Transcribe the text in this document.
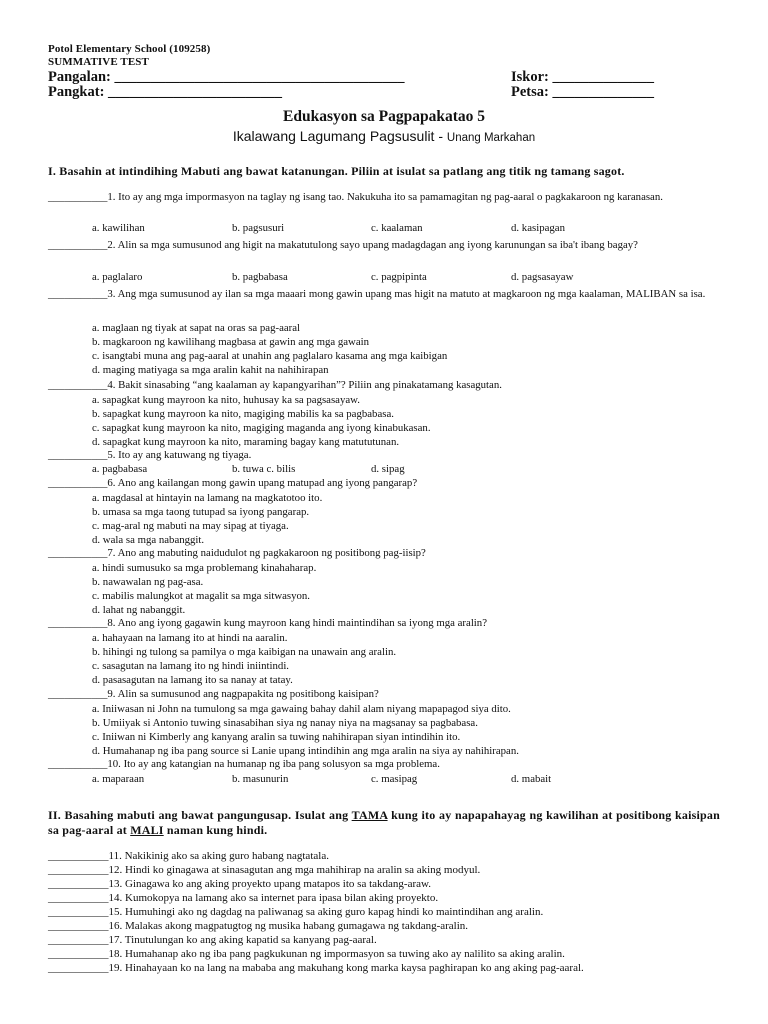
Potol Elementary School (109258)
SUMMATIVE TEST
Pangalan: ________________________________________	Iskor: ______________
Pangkat: ________________________	Petsa: ______________
Edukasyon sa Pagpapakatao 5
Ikalawang Lagumang Pagsusulit - Unang Markahan
I. Basahin at intindihing Mabuti ang bawat katanungan. Piliin at isulat sa patlang ang titik ng tamang sagot.
___________1. Ito ay ang mga impormasyon na taglay ng isang tao. Nakukuha ito sa pamamagitan ng pag-aaral o pagkakaroon ng karanasan.
a. kawilihan	b. pagsusuri	c. kaalaman	d. kasipagan
___________2. Alin sa mga sumusunod ang higit na makatutulong sayo upang madagdagan ang iyong karunungan sa iba't ibang bagay?
a. paglalaro	b. pagbabasa	c. pagpipinta	d. pagsasayaw
___________3. Ang mga sumusunod ay ilan sa mga maaari mong gawin upang mas higit na matuto at magkaroon ng mga kaalaman, MALIBAN sa isa.
a. maglaan ng tiyak at sapat na oras sa pag-aaral
b. magkaroon ng kawilihang magbasa at gawin ang mga gawain
c. isangtabi muna ang pag-aaral at unahin ang paglalaro kasama ang mga kaibigan
d. maging matiyaga sa mga aralin kahit na nahihirapan
___________4. Bakit sinasabing “ang kaalaman ay kapangyarihan”? Piliin ang pinakatamang kasagutan.
a. sapagkat kung mayroon ka nito, huhusay ka sa pagsasayaw.
b. sapagkat kung mayroon ka nito, magiging mabilis ka sa pagbabasa.
c. sapagkat kung mayroon ka nito, magiging maganda ang iyong kinabukasan.
d. sapagkat kung mayroon ka nito, maraming bagay kang matututunan.
___________5. Ito ay ang katuwang ng tiyaga.
a. pagbabasa	b. tuwa c. bilis	d. sipag
___________6. Ano ang kailangan mong gawin upang matupad ang iyong pangarap?
a. magdasal at hintayin na lamang na magkatotoo ito.
b. umasa sa mga taong tutupad sa iyong pangarap.
c. mag-aral ng mabuti na may sipag at tiyaga.
d. wala sa mga nabanggit.
___________7. Ano ang mabuting naidudulot ng pagkakaroon ng positibong pag-iisip?
a. hindi sumusuko sa mga problemang kinahaharap.
b. nawawalan ng pag-asa.
c. mabilis malungkot at magalit sa mga sitwasyon.
d. lahat ng nabanggit.
___________8. Ano ang iyong gagawin kung mayroon kang hindi maintindihan sa iyong mga aralin?
a. hahayaan na lamang ito at hindi na aaralin.
b. hihingi ng tulong sa pamilya o mga kaibigan na unawain ang aralin.
c. sasagutan na lamang ito ng hindi iniintindi.
d. pasasagutan na lamang ito sa nanay at tatay.
___________9. Alin sa sumusunod ang nagpapakita ng positibong kaisipan?
a. Iniiwasan ni John na tumulong sa mga gawaing bahay dahil alam niyang mapapagod siya dito.
b. Umiiyak si Antonio tuwing sinasabihan siya ng nanay niya na magsanay sa pagbabasa.
c. Iniiwan ni Kimberly ang kanyang aralin sa tuwing nahihirapan siyan intindihin ito.
d. Humahanap ng iba pang source si Lanie upang intindihin ang mga aralin na siya ay nahihirapan.
___________10. Ito ay ang katangian na humanap ng iba pang solusyon sa mga problema.
a. maparaan	b. masunurin	c. masipag	d. mabait
II. Basahing mabuti ang bawat pangungusap. Isulat ang TAMA kung ito ay napapahayag ng kawilihan at positibong kaisipan sa pag-aaral at MALI naman kung hindi.
___________11. Nakikinig ako sa aking guro habang nagtatala.
___________12. Hindi ko ginagawa at sinasagutan ang mga mahihirap na aralin sa aking modyul.
___________13. Ginagawa ko ang aking proyekto upang matapos ito sa takdang-araw.
___________14. Kumokopya na lamang ako sa internet para ipasa bilan aking proyekto.
___________15. Humuhingi ako ng dagdag na paliwanag sa aking guro kapag hindi ko maintindihan ang aralin.
___________16. Malakas akong magpatugtog ng musika habang gumagawa ng takdang-aralin.
___________17. Tinutulungan ko ang aking kapatid sa kanyang pag-aaral.
___________18. Humahanap ako ng iba pang pagkukunan ng impormasyon sa tuwing ako ay nalilito sa aking aralin.
___________19. Hinahayaan ko na lang na mababa ang makuhang kong marka kaysa paghirapan ko ang aking pag-aaral.
